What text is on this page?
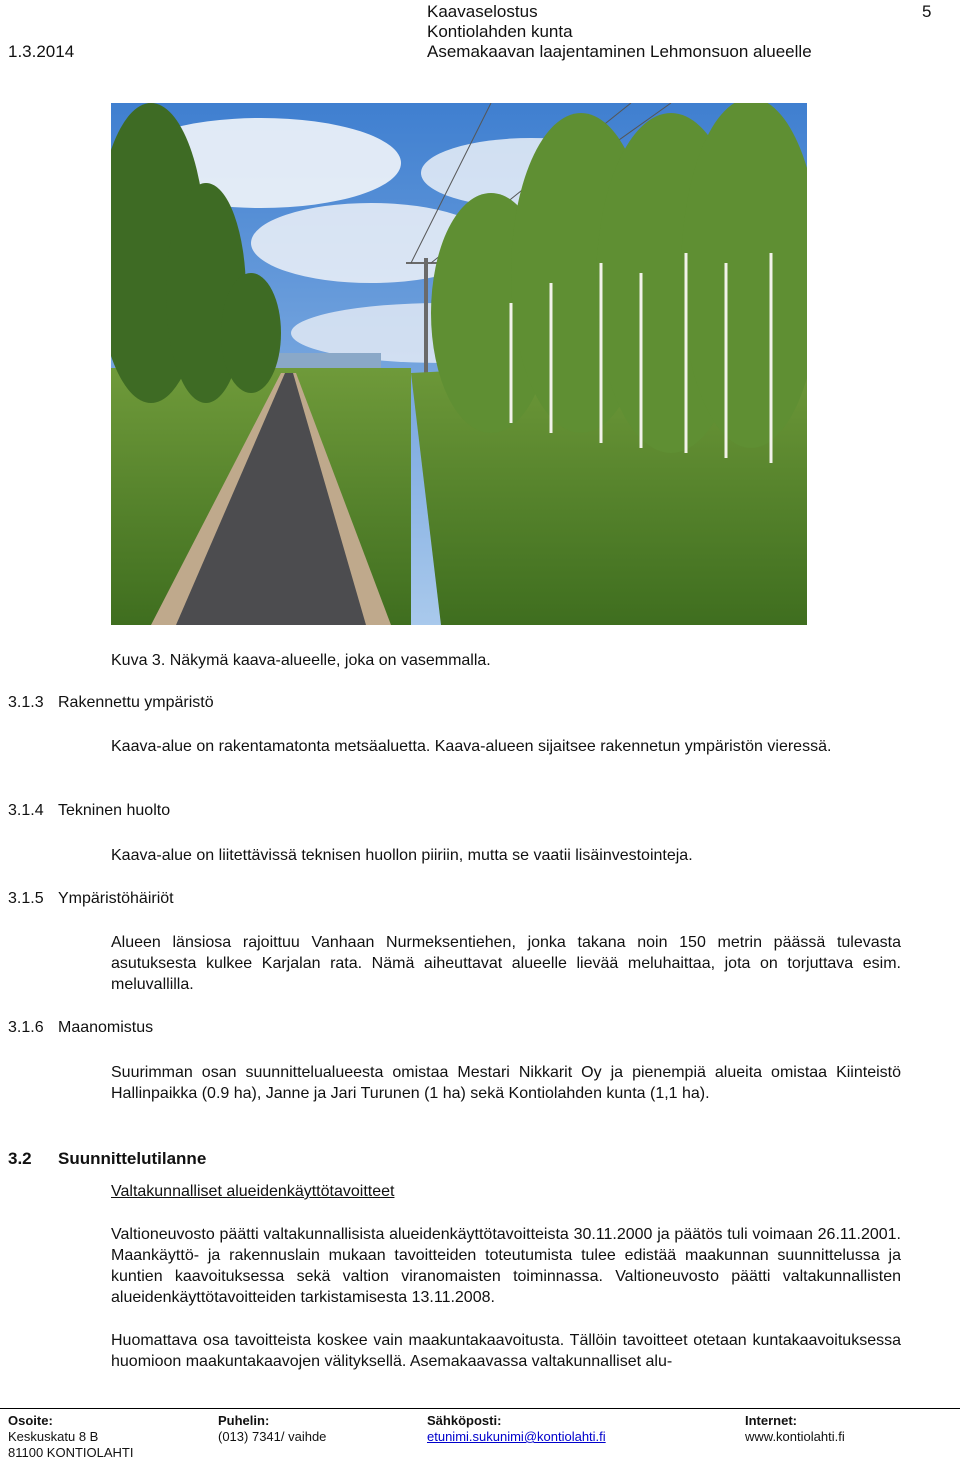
1.3.2014
Kaavaselostus
Kontiolahden kunta
Asemakaavan laajentaminen Lehmonsuon alueelle
5
Kuva 3. Näkymä kaava-alueelle, joka on vasemmalla.
3.1.3 Rakennettu ympäristö
Kaava-alue on rakentamatonta metsäaluetta. Kaava-alueen sijaitsee rakennetun ympäristön vieressä.
3.1.4 Tekninen huolto
Kaava-alue on liitettävissä teknisen huollon piiriin, mutta se vaatii lisäinvestointeja.
3.1.5 Ympäristöhäiriöt
Alueen länsiosa rajoittuu Vanhaan Nurmeksentiehen, jonka takana noin 150 metrin päässä tulevasta asutuksesta kulkee Karjalan rata. Nämä aiheuttavat alueelle lievää meluhaittaa, jota on torjuttava esim. meluvallilla.
3.1.6 Maanomistus
Suurimman osan suunnittelualueesta omistaa Mestari Nikkarit Oy ja pienempiä alueita omistaa Kiinteistö Hallinpaikka (0.9 ha), Janne ja Jari Turunen (1 ha) sekä Kontiolahden kunta (1,1 ha).
3.2 Suunnittelutilanne
Valtakunnalliset alueidenkäyttötavoitteet
Valtioneuvosto päätti valtakunnallisista alueidenkäyttötavoitteista 30.11.2000 ja päätös tuli voimaan 26.11.2001. Maankäyttö- ja rakennuslain mukaan tavoitteiden toteutumista tulee edistää maakunnan suunnittelussa ja kuntien kaavoituksessa sekä valtion viranomaisten toiminnassa. Valtioneuvosto päätti valtakunnallisten alueidenkäyttötavoitteiden tarkistamisesta 13.11.2008.
Huomattava osa tavoitteista koskee vain maakuntakaavoitusta. Tällöin tavoitteet otetaan kuntakaavoituksessa huomioon maakuntakaavojen välityksellä. Asemakaavassa valtakunnalliset alu-
Osoite:
Keskuskatu 8 B
81100 KONTIOLAHTI
Puhelin:
(013) 7341/ vaihde
Sähköposti:
etunimi.sukunimi@kontiolahti.fi
Internet:
www.kontiolahti.fi
